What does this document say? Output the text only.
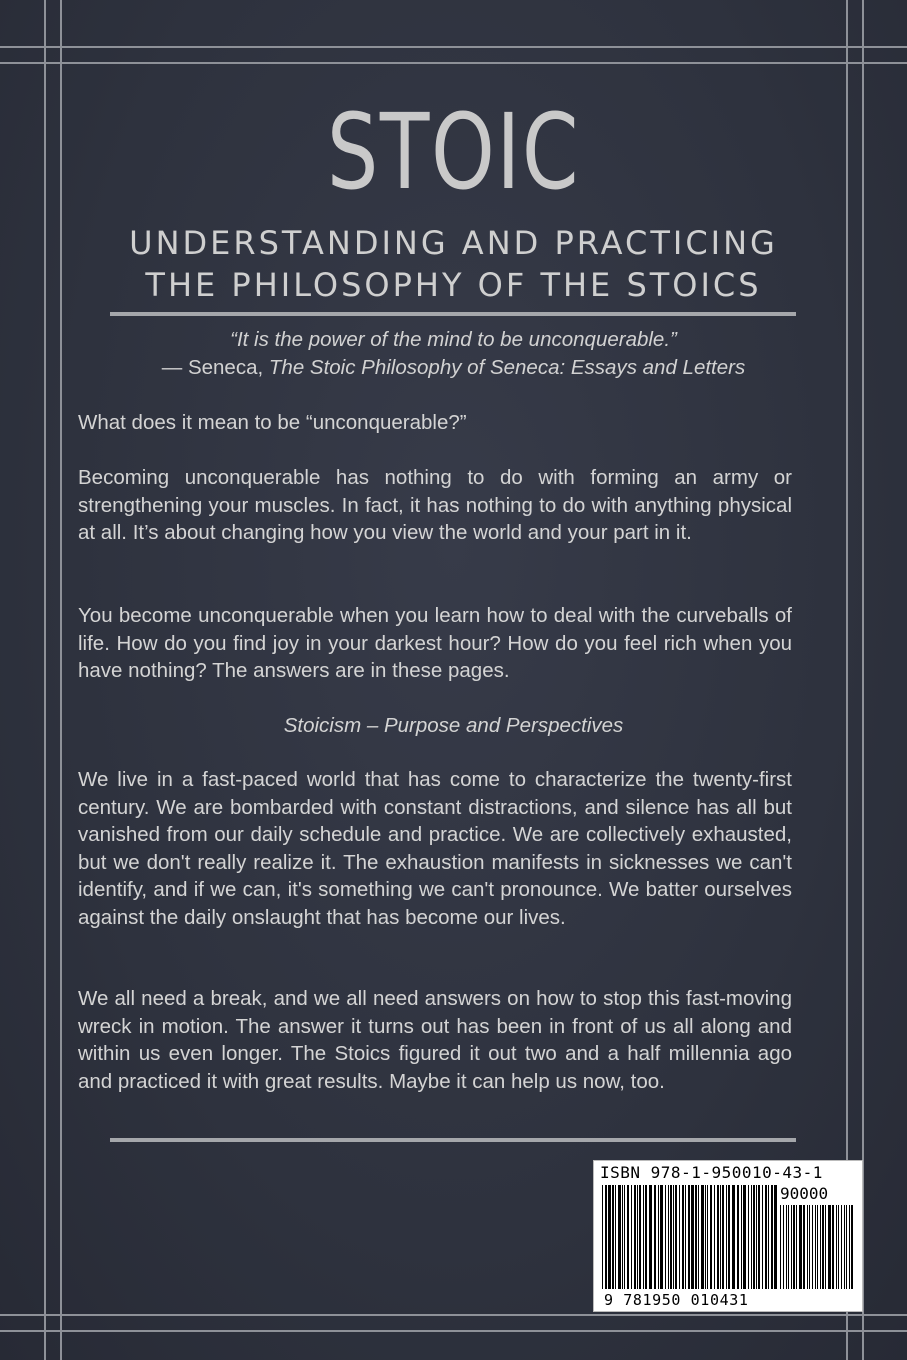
STOIC
UNDERSTANDING AND PRACTICING
THE PHILOSOPHY OF THE STOICS
“It is the power of the mind to be unconquerable.”
— Seneca, The Stoic Philosophy of Seneca: Essays and Letters

What does it mean to be “unconquerable?”

Becoming unconquerable has nothing to do with forming an army or strengthening your muscles. In fact, it has nothing to do with anything physical at all. It’s about changing how you view the world and your part in it.

You become unconquerable when you learn how to deal with the curveballs of life. How do you find joy in your darkest hour? How do you feel rich when you have nothing? The answers are in these pages.

Stoicism – Purpose and Perspectives

We live in a fast-paced world that has come to characterize the twenty-first century. We are bombarded with constant distractions, and silence has all but vanished from our daily schedule and practice. We are collectively exhausted, but we don't really realize it. The exhaustion manifests in sicknesses we can't identify, and if we can, it's something we can't pronounce. We batter ourselves against the daily onslaught that has become our lives.

We all need a break, and we all need answers on how to stop this fast-moving wreck in motion. The answer it turns out has been in front of us all along and within us even longer. The Stoics figured it out two and a half millennia ago and practiced it with great results. Maybe it can help us now, too.

ISBN 978-1-950010-43-1
90000
9 781950 010431
